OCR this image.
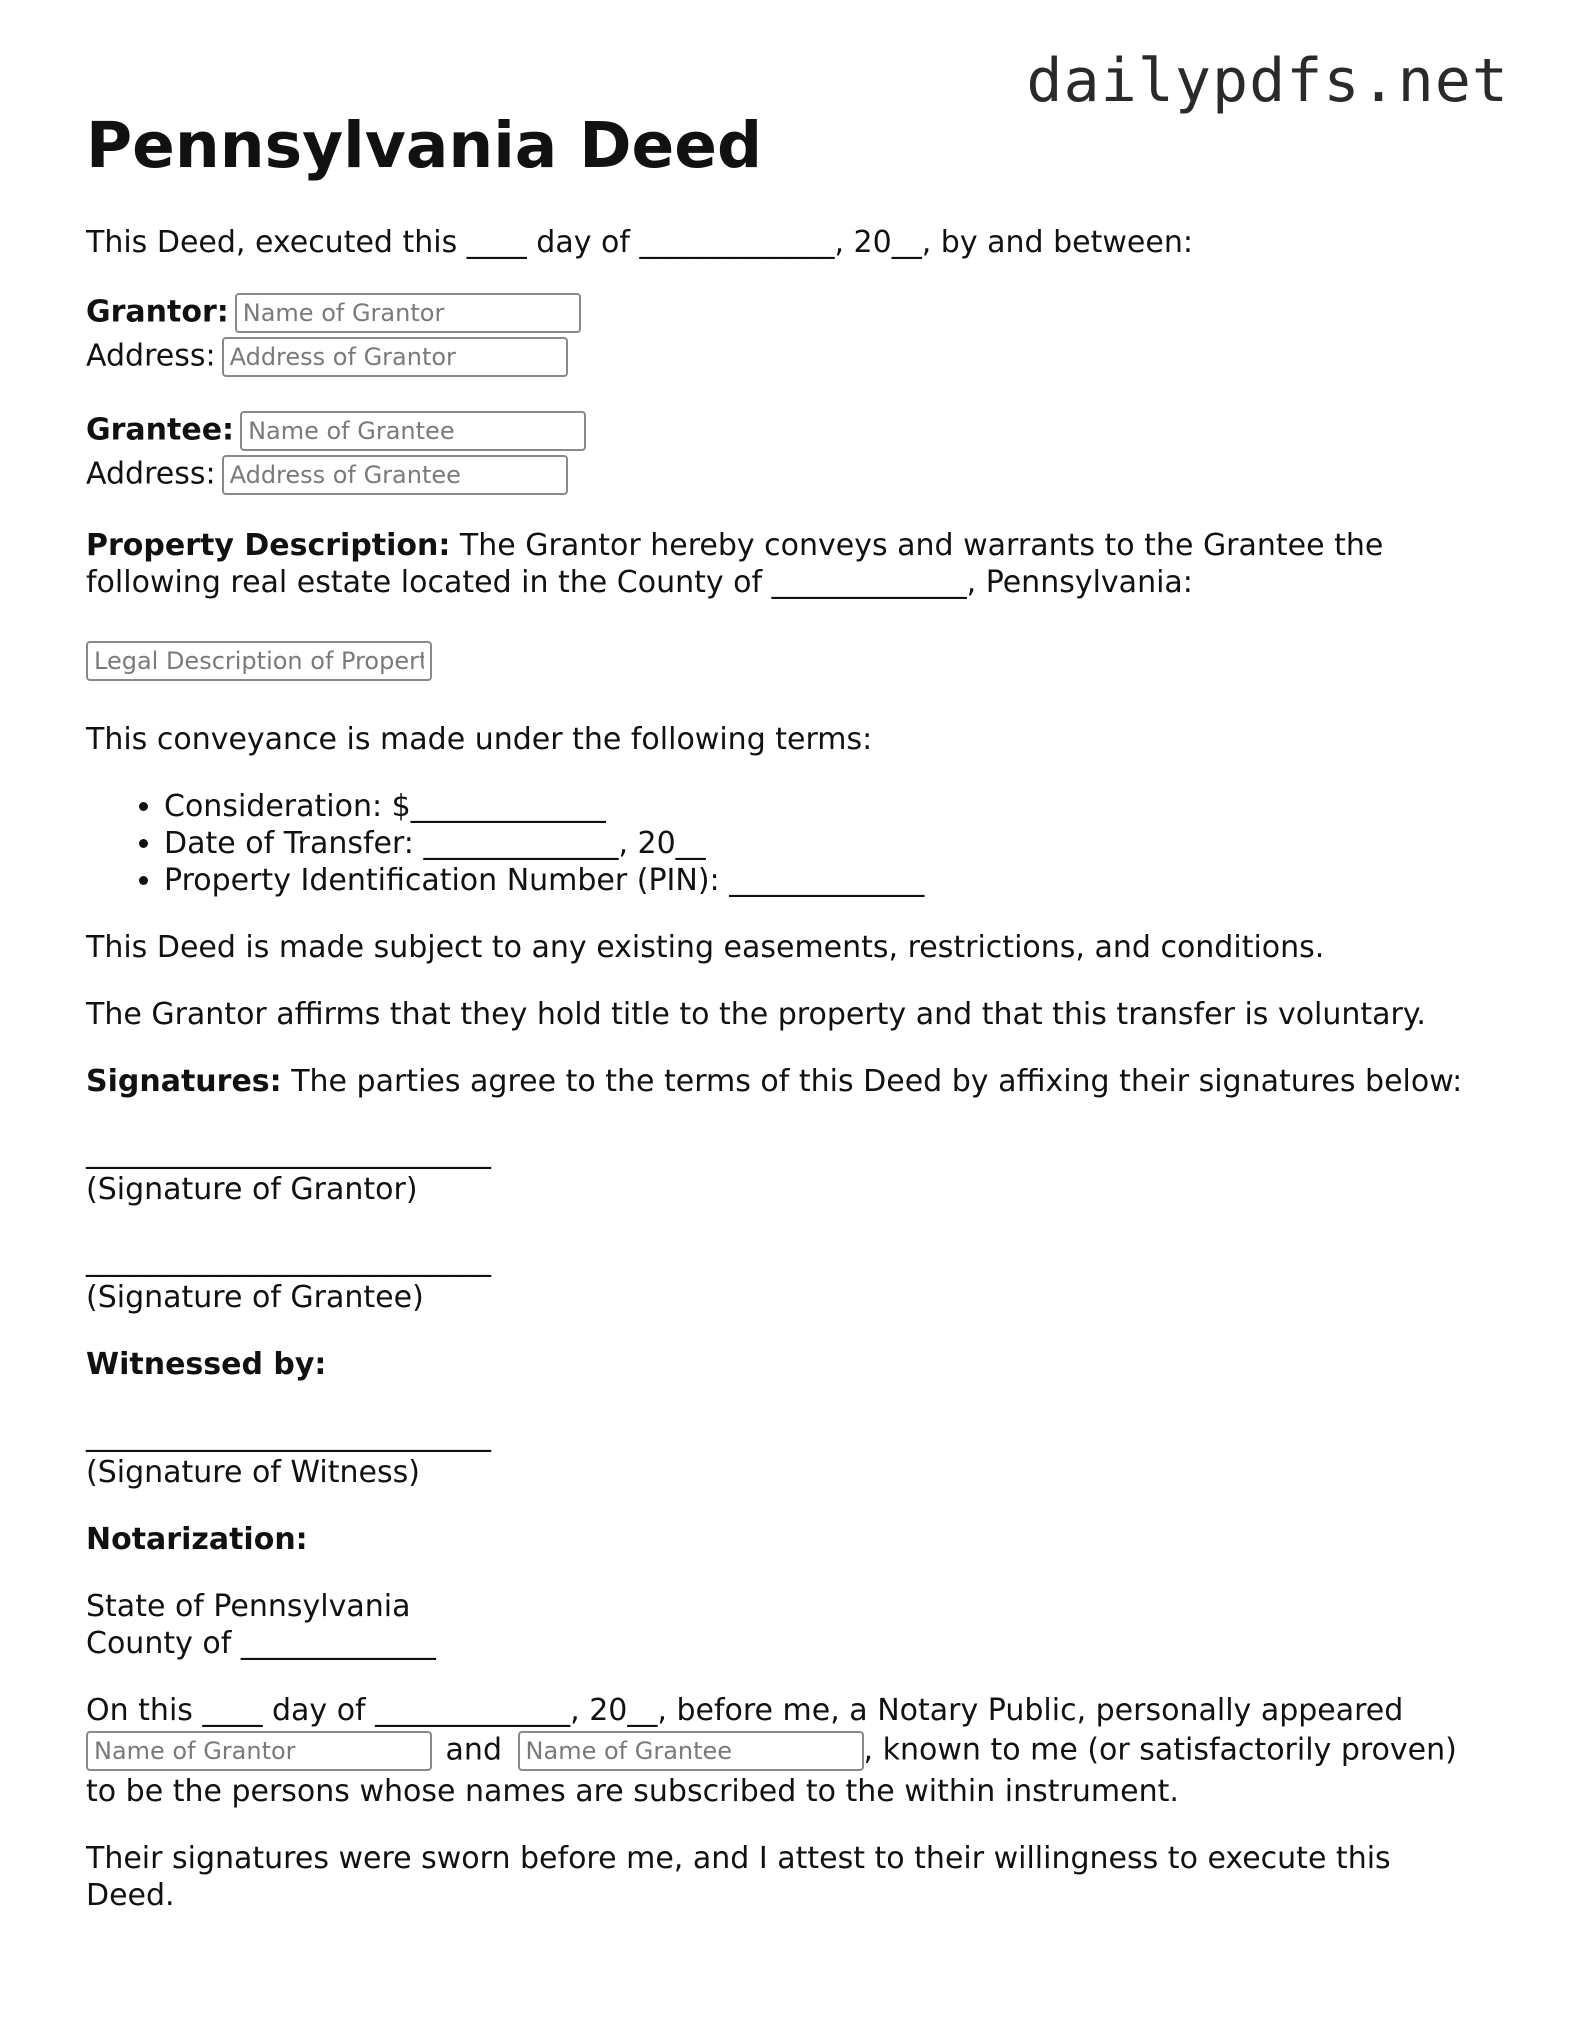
dailypdfs.net
Pennsylvania Deed

This Deed, executed this ____ day of _____________, 20__, by and between:

Grantor:Name of Grantor
Address:Address of Grantor
Grantee:Name of Grantee
Address:Address of Grantee

Property Description: The Grantor hereby conveys and warrants to the Grantee the following real estate located in the County of _____________, Pennsylvania:

Legal Description of Property

This conveyance is made under the following terms:

• Consideration: $_____________
• Date of Transfer: _____________, 20__
• Property Identification Number (PIN): _____________

This Deed is made subject to any existing easements, restrictions, and conditions.

The Grantor affirms that they hold title to the property and that this transfer is voluntary.

Signatures: The parties agree to the terms of this Deed by affixing their signatures below:

___________________________
(Signature of Grantor)
___________________________
(Signature of Grantee)

Witnessed by:

___________________________
(Signature of Witness)

Notarization:

State of Pennsylvania
County of _____________

On this ____ day of _____________, 20__, before me, a Notary Public, personally appeared
Name of Grantor and Name of Grantee	, known to me (or satisfactorily proven)
to be the persons whose names are subscribed to the within instrument.

Their signatures were sworn before me, and I attest to their willingness to execute this Deed.
